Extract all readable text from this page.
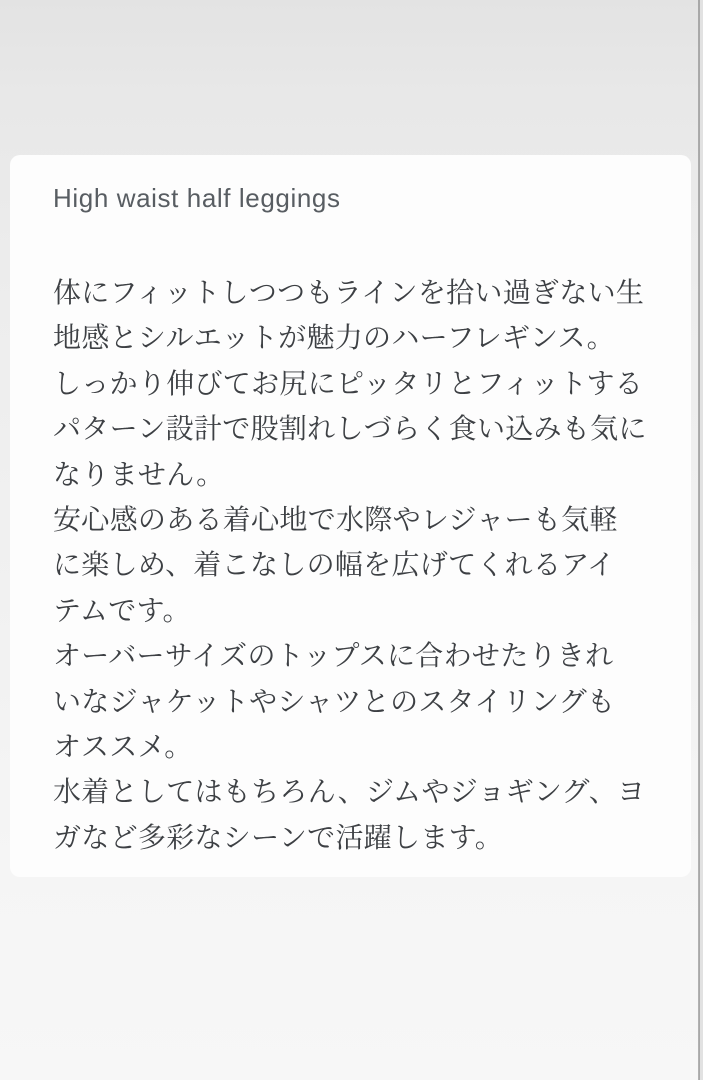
High waist half leggings
体にフィットしつつもラインを拾い過ぎない生
地感とシルエットが魅力のハーフレギンス。
しっかり伸びてお尻にピッタリとフィットする
パターン設計で股割れしづらく食い込みも気に
なりません。
安心感のある着心地で水際やレジャーも気軽
に楽しめ、着こなしの幅を広げてくれるアイ
テムです。
オーバーサイズのトップスに合わせたりきれ
いなジャケットやシャツとのスタイリングも
オススメ。
水着としてはもちろん、ジムやジョギング、ヨ
ガなど多彩なシーンで活躍します。
